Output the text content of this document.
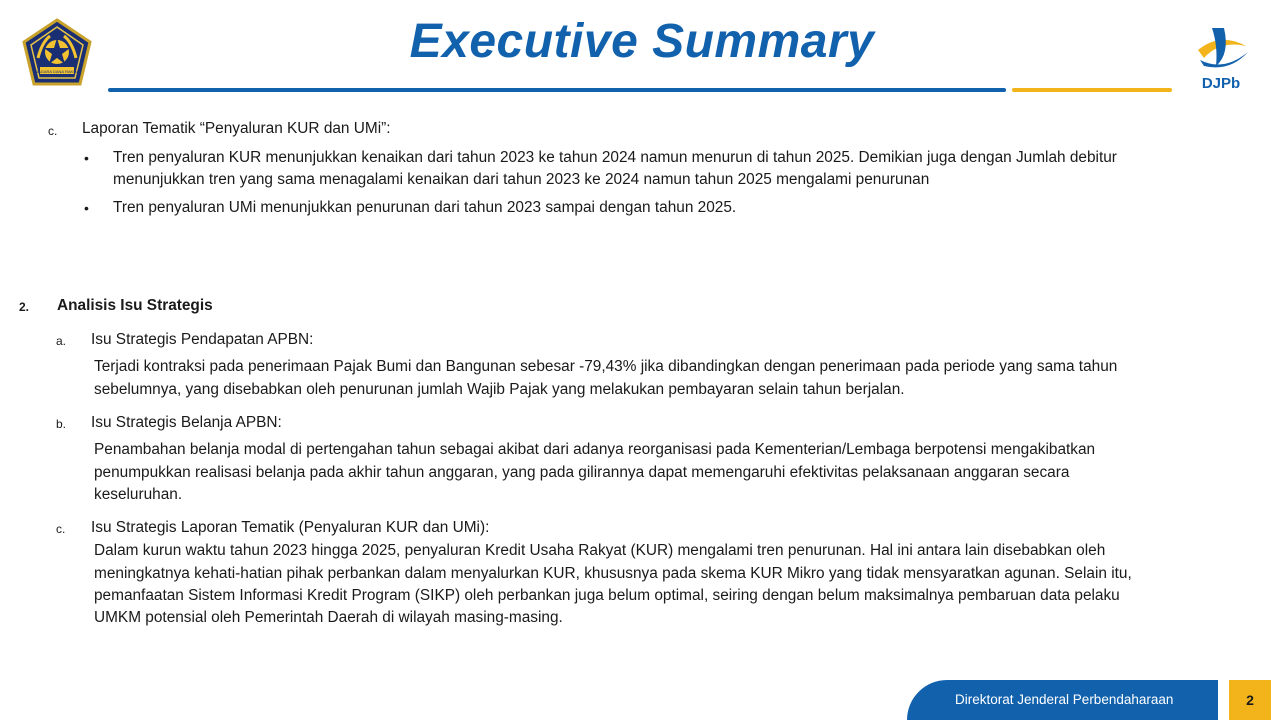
NAGARA DANA RAKCA
Executive Summary
DJPb
c. Laporan Tematik “Penyaluran KUR dan UMi”:
• Tren penyaluran KUR menunjukkan kenaikan dari tahun 2023 ke tahun 2024 namun menurun di tahun 2025. Demikian juga dengan Jumlah debitur
menunjukkan tren yang sama menagalami kenaikan dari tahun 2023 ke 2024 namun tahun 2025 mengalami penurunan
• Tren penyaluran UMi menunjukkan penurunan dari tahun 2023 sampai dengan tahun 2025.
2. Analisis Isu Strategis
a. Isu Strategis Pendapatan APBN:
Terjadi kontraksi pada penerimaan Pajak Bumi dan Bangunan sebesar -79,43% jika dibandingkan dengan penerimaan pada periode yang sama tahun
sebelumnya, yang disebabkan oleh penurunan jumlah Wajib Pajak yang melakukan pembayaran selain tahun berjalan.
b. Isu Strategis Belanja APBN:
Penambahan belanja modal di pertengahan tahun sebagai akibat dari adanya reorganisasi pada Kementerian/Lembaga berpotensi mengakibatkan
penumpukkan realisasi belanja pada akhir tahun anggaran, yang pada gilirannya dapat memengaruhi efektivitas pelaksanaan anggaran secara
keseluruhan.
c. Isu Strategis Laporan Tematik (Penyaluran KUR dan UMi):
Dalam kurun waktu tahun 2023 hingga 2025, penyaluran Kredit Usaha Rakyat (KUR) mengalami tren penurunan. Hal ini antara lain disebabkan oleh
meningkatnya kehati-hatian pihak perbankan dalam menyalurkan KUR, khususnya pada skema KUR Mikro yang tidak mensyaratkan agunan. Selain itu,
pemanfaatan Sistem Informasi Kredit Program (SIKP) oleh perbankan juga belum optimal, seiring dengan belum maksimalnya pembaruan data pelaku
UMKM potensial oleh Pemerintah Daerah di wilayah masing-masing.
Direktorat Jenderal Perbendaharaan	2
